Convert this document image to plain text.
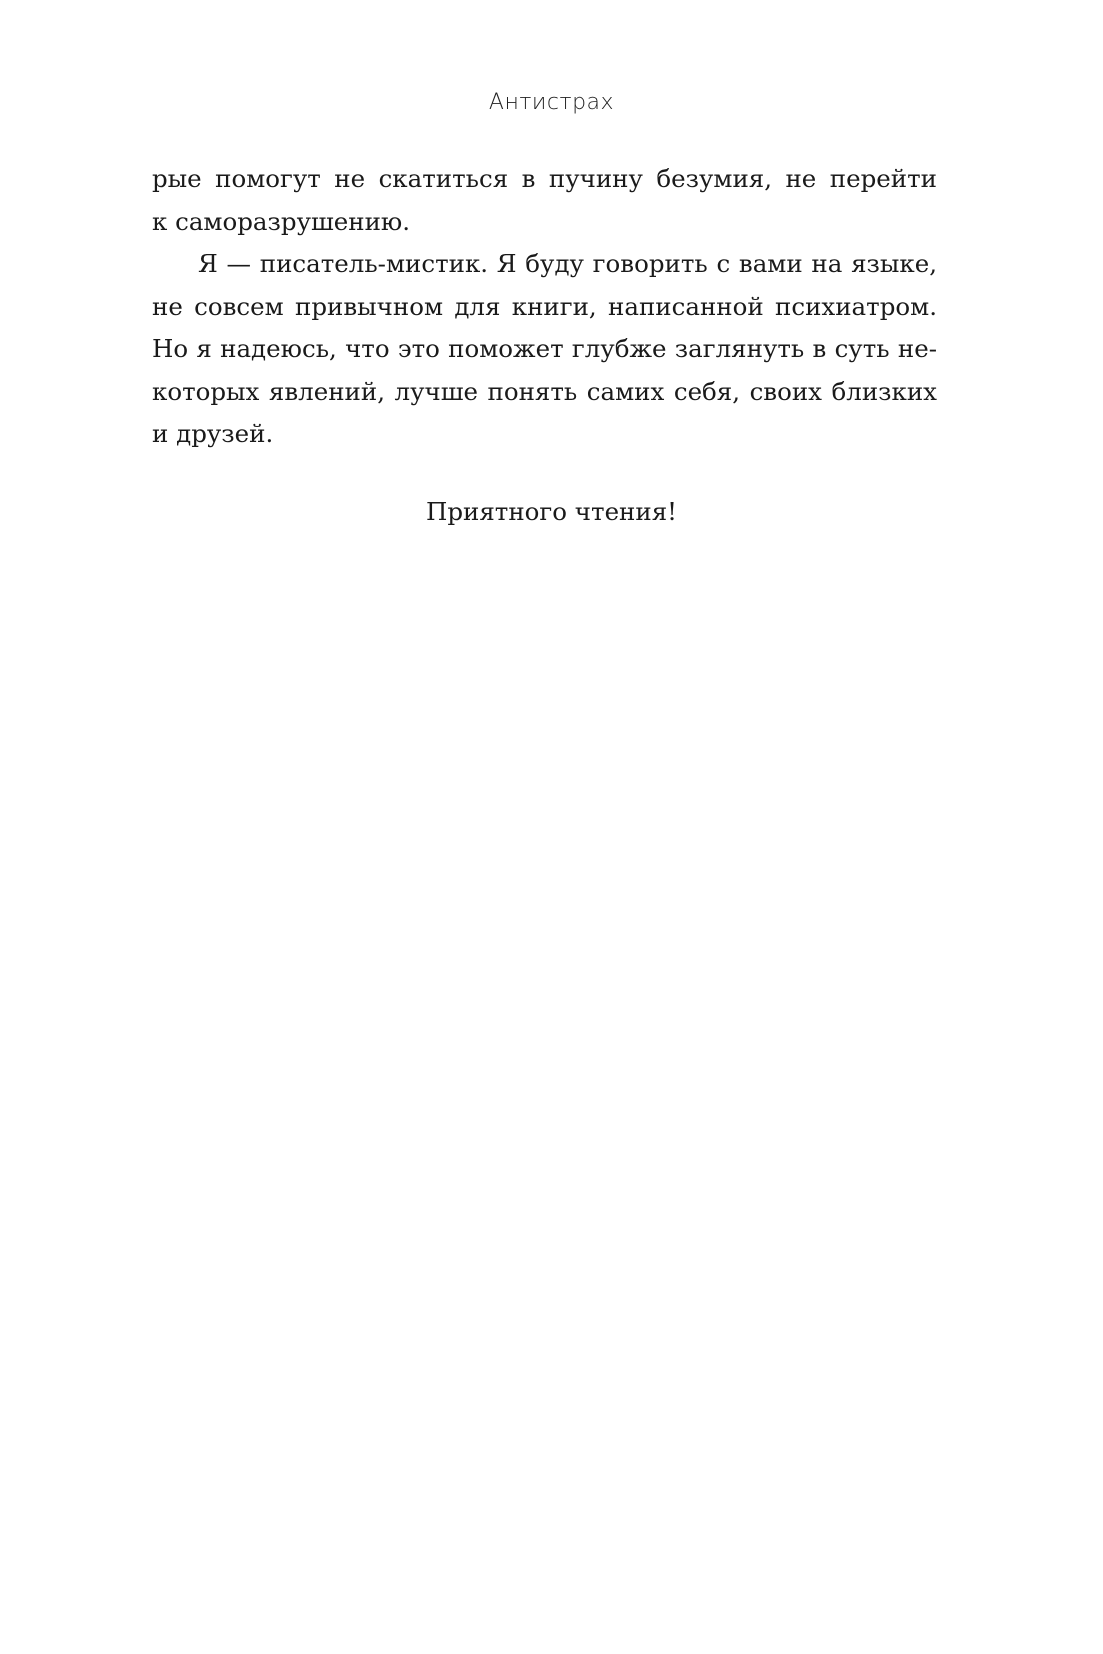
Антистрах
рые помогут не скатиться в пучину безумия, не перейти
к саморазрушению.
Я — писатель-мистик. Я буду говорить с вами на языке,
не совсем привычном для книги, написанной психиатром.
Но я надеюсь, что это поможет глубже заглянуть в суть не-
которых явлений, лучше понять самих себя, своих близких
и друзей.
Приятного чтения!
